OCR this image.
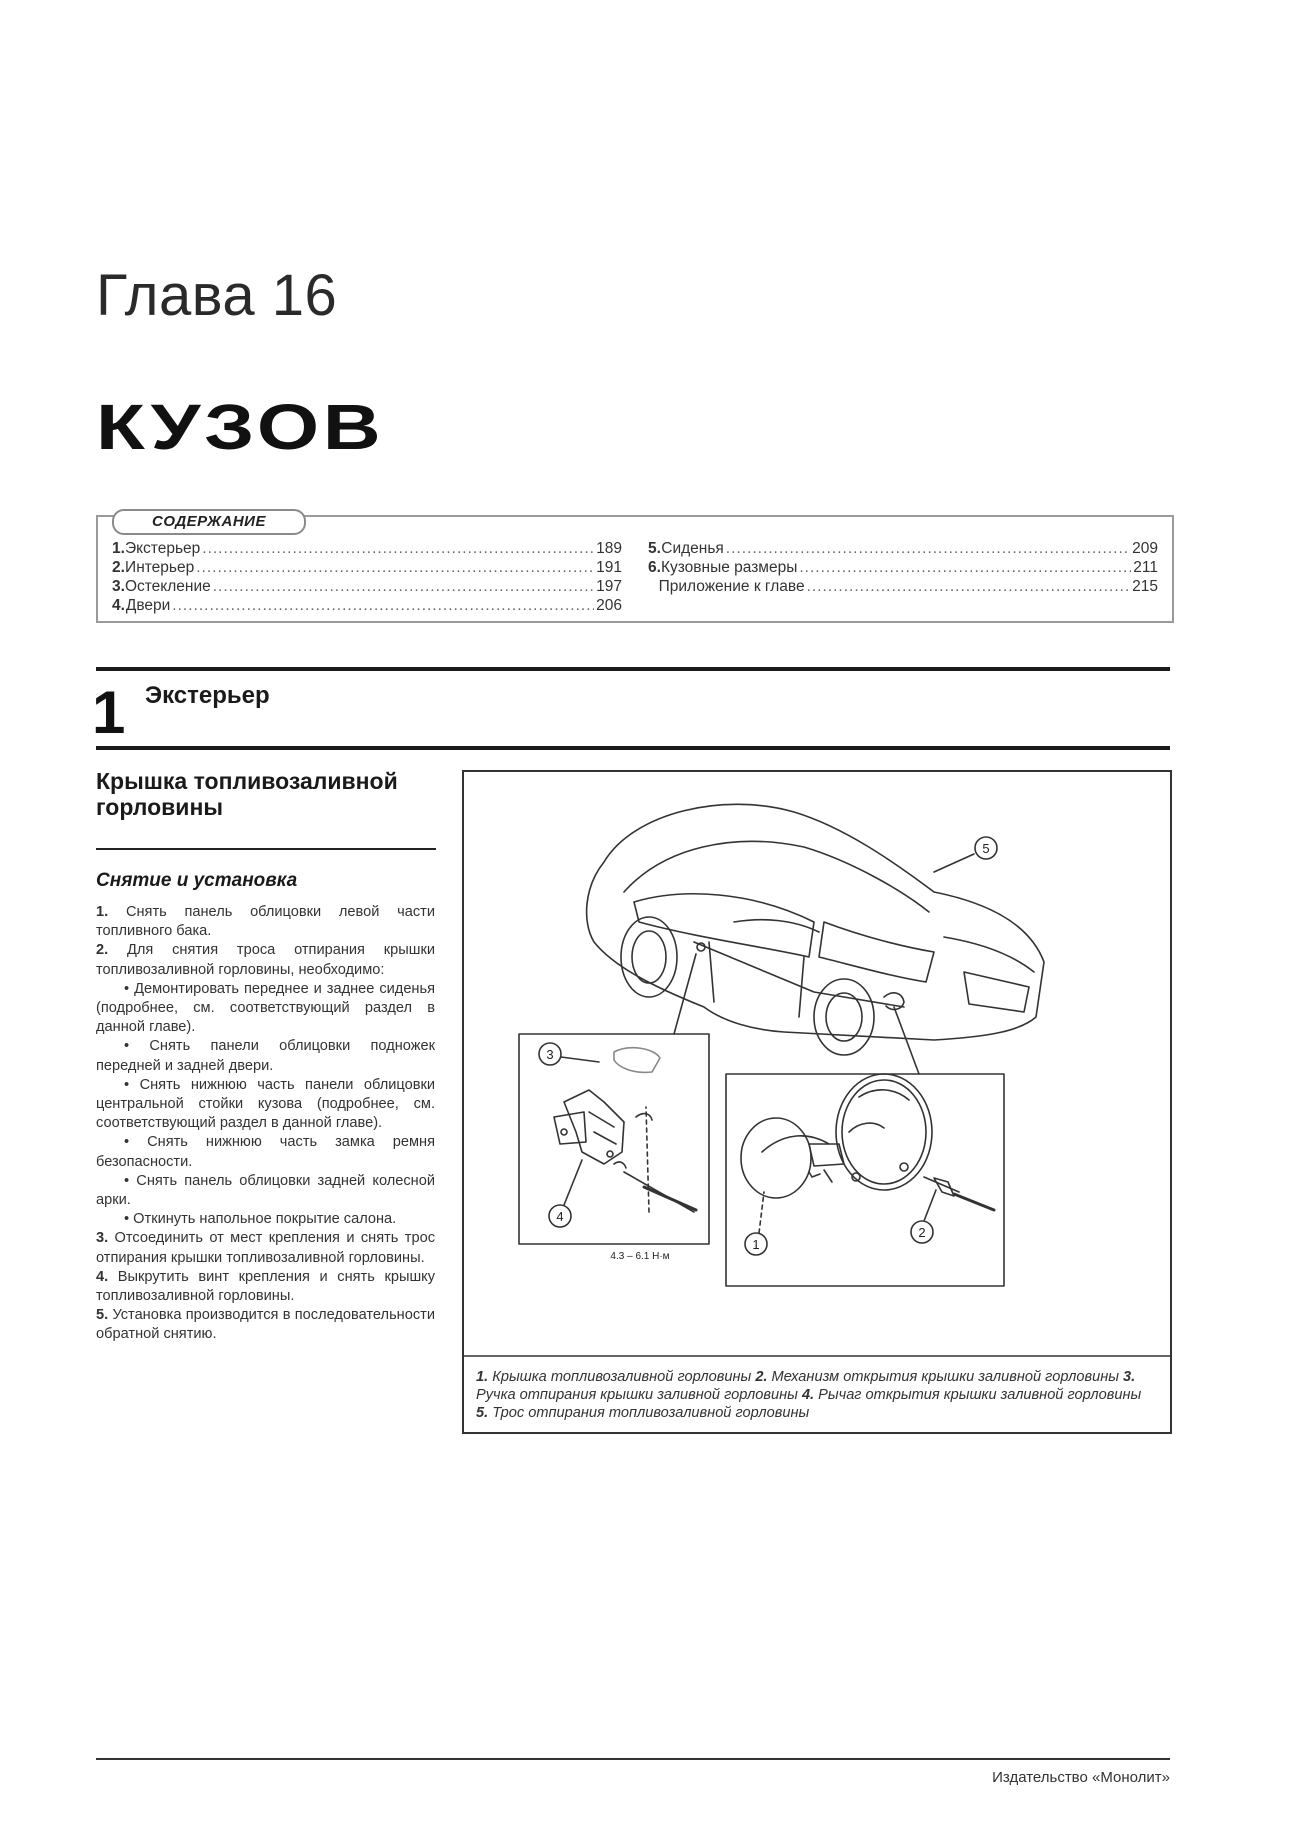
Глава 16
КУЗОВ
СОДЕРЖАНИЕ
1. Экстерьер .....	189
2. Интерьер .....	191
3. Остекление .....	197
4. Двери .....	206
5. Сиденья .....	209
6. Кузовные размеры .....	211
Приложение к главе .....	215
1 Экстерьер
Крышка топливозаливной горловины
Снятие и установка

1. Снять панель облицовки левой части топливного бака.

2. Для снятия троса отпирания крышки топливозаливной горловины, необходимо:

• Демонтировать переднее и заднее сиденья (подробнее, см. соответствующий раздел в данной главе).

• Снять панели облицовки подножек передней и задней двери.

• Снять нижнюю часть панели облицовки центральной стойки кузова (подробнее, см. соответствующий раздел в данной главе).

• Снять нижнюю часть замка ремня безопасности.

• Снять панель облицовки задней колесной арки.

• Откинуть напольное покрытие салона.

3. Отсоединить от мест крепления и снять трос отпирания крышки топливозаливной горловины.

4. Выкрутить винт крепления и снять крышку топливозаливной горловины.

5. Установка производится в последовательности обратной снятию.

5
3
4
1
2
4.3 – 6.1 Н·м
1. Крышка топливозаливной горловины 2. Механизм открытия крышки заливной горловины 3. Ручка отпирания крышки заливной горловины 4. Рычаг открытия крышки заливной горловины 5. Трос отпирания топливозаливной горловины
Издательство «Монолит»
